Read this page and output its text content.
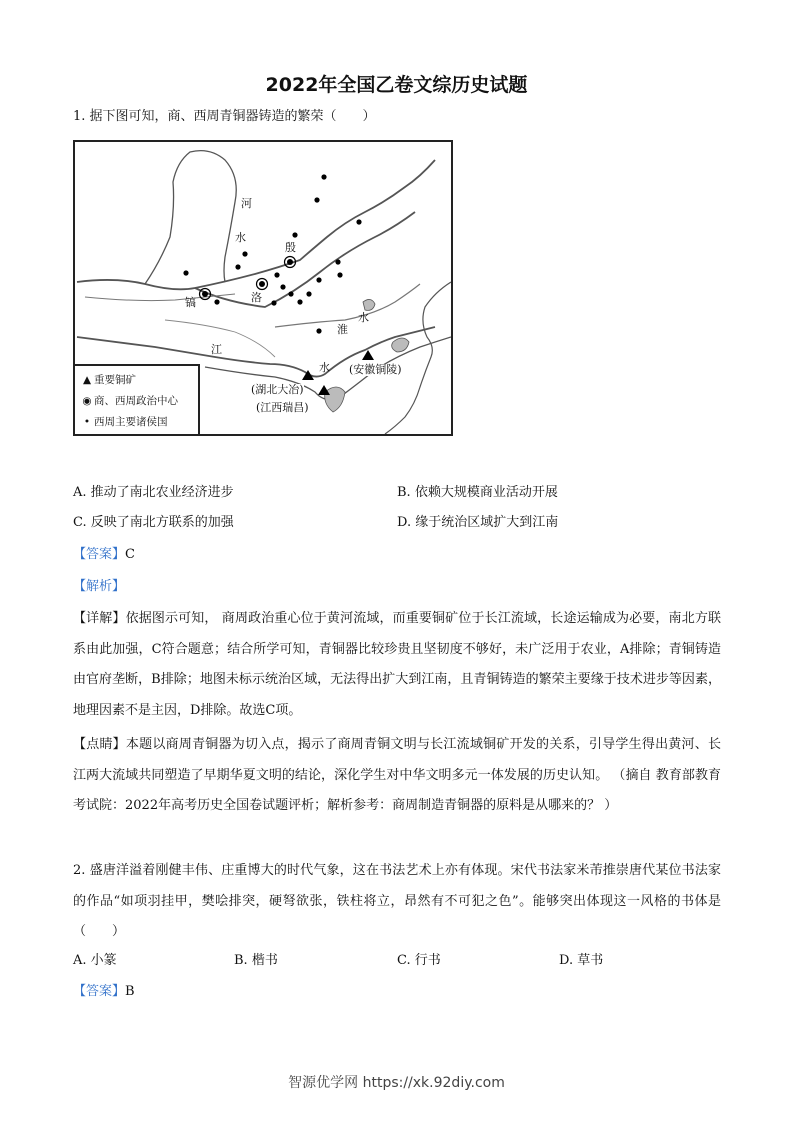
2022年全国乙卷文综历史试题
1. 据下图可知，商、西周青铜器铸造的繁荣（　　）
河
水
殷
镐	洛
淮
水
江
水 (安徽铜陵)
(湖北大冶)
(江西瑞昌)
▲ 重要铜矿
◉ 商、西周政治中心
• 西周主要诸侯国
A. 推动了南北农业经济进步	B. 依赖大规模商业活动开展
C. 反映了南北方联系的加强	D. 缘于统治区域扩大到江南
【答案】C
【解析】
【详解】依据图示可知， 商周政治重心位于黄河流域，而重要铜矿位于长江流域，长途运输成为必要，南北方联系由此加强，C符合题意；结合所学可知，青铜器比较珍贵且坚韧度不够好，未广泛用于农业，A排除；青铜铸造由官府垄断，B排除；地图未标示统治区域，无法得出扩大到江南，且青铜铸造的繁荣主要缘于技术进步等因素，地理因素不是主因，D排除。故选C项。
【点睛】本题以商周青铜器为切入点，揭示了商周青铜文明与长江流域铜矿开发的关系，引导学生得出黄河、长江两大流域共同塑造了早期华夏文明的结论，深化学生对中华文明多元一体发展的历史认知。 （摘自 教育部教育考试院：2022年高考历史全国卷试题评析；解析参考：商周制造青铜器的原料是从哪来的？ ）
2. 盛唐洋溢着刚健丰伟、庄重博大的时代气象，这在书法艺术上亦有体现。宋代书法家米芾推崇唐代某位书法家的作品“如项羽挂甲，樊哙排突，硬弩欲张，铁柱将立，昂然有不可犯之色”。能够突出体现这一风格的书体是（　　）
A. 小篆	B. 楷书	C. 行书	D. 草书
【答案】B
智源优学网 https://xk.92diy.com
